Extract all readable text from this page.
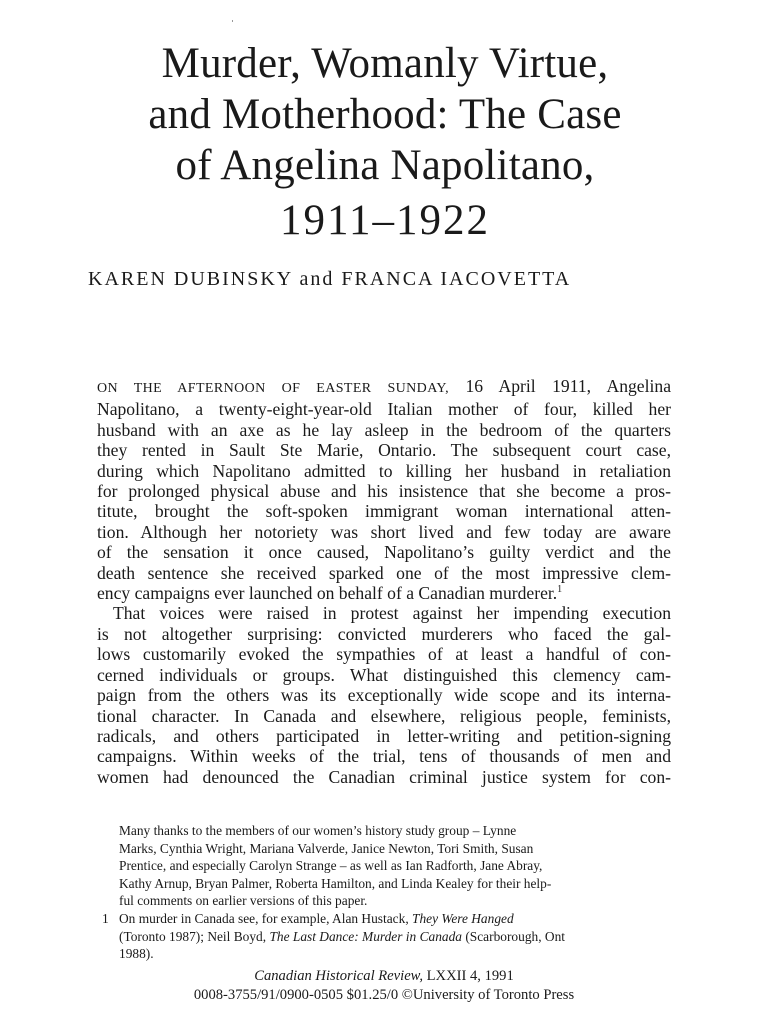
Murder, Womanly Virtue,
and Motherhood: The Case
of Angelina Napolitano,
1911–1922
KAREN DUBINSKY and FRANCA IACOVETTA
ON THE AFTERNOON OF EASTER SUNDAY, 16 April 1911, Angelina
Napolitano, a twenty-eight-year-old Italian mother of four, killed her
husband with an axe as he lay asleep in the bedroom of the quarters
they rented in Sault Ste Marie, Ontario. The subsequent court case,
during which Napolitano admitted to killing her husband in retaliation
for prolonged physical abuse and his insistence that she become a pros-
titute, brought the soft-spoken immigrant woman international atten-
tion. Although her notoriety was short lived and few today are aware
of the sensation it once caused, Napolitano’s guilty verdict and the
death sentence she received sparked one of the most impressive clem-
ency campaigns ever launched on behalf of a Canadian murderer.$^1$
That voices were raised in protest against her impending execution
is not altogether surprising: convicted murderers who faced the gal-
lows customarily evoked the sympathies of at least a handful of con-
cerned individuals or groups. What distinguished this clemency cam-
paign from the others was its exceptionally wide scope and its interna-
tional character. In Canada and elsewhere, religious people, feminists,
radicals, and others participated in letter-writing and petition-signing
campaigns. Within weeks of the trial, tens of thousands of men and
women had denounced the Canadian criminal justice system for con-
Many thanks to the members of our women’s history study group – Lynne
Marks, Cynthia Wright, Mariana Valverde, Janice Newton, Tori Smith, Susan
Prentice, and especially Carolyn Strange – as well as Ian Radforth, Jane Abray,
Kathy Arnup, Bryan Palmer, Roberta Hamilton, and Linda Kealey for their help-
ful comments on earlier versions of this paper.
1 On murder in Canada see, for example, Alan Hustack, They Were Hanged
(Toronto 1987); Neil Boyd, The Last Dance: Murder in Canada (Scarborough, Ont
1988).
Canadian Historical Review, LXXII 4, 1991
0008-3755/91/0900-0505 $01.25/0 ©University of Toronto Press
